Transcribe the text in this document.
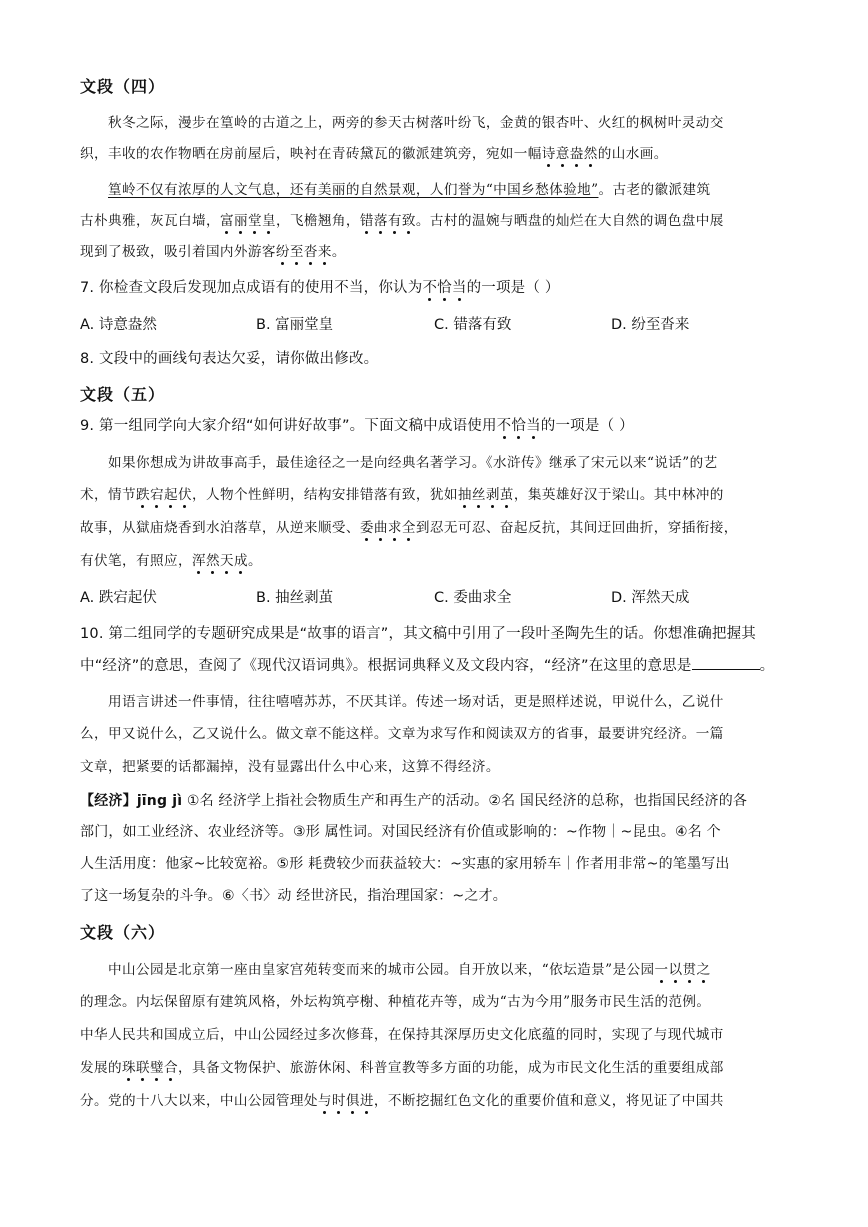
文段（四）
秋冬之际，漫步在篁岭的古道之上，两旁的参天古树落叶纷飞，金黄的银杏叶、火红的枫树叶灵动交
织，丰收的农作物晒在房前屋后，映衬在青砖黛瓦的徽派建筑旁，宛如一幅诗意盎然的山水画。
篁岭不仅有浓厚的人文气息，还有美丽的自然景观，人们誉为“中国乡愁体验地”。古老的徽派建筑
古朴典雅，灰瓦白墙，富丽堂皇，飞檐翘角，错落有致。古村的温婉与晒盘的灿烂在大自然的调色盘中展
现到了极致，吸引着国内外游客纷至沓来。
7. 你检查文段后发现加点成语有的使用不当，你认为不恰当的一项是（ ）
A. 诗意盎然	B. 富丽堂皇	C. 错落有致	D. 纷至沓来
8. 文段中的画线句表达欠妥，请你做出修改。
文段（五）
9. 第一组同学向大家介绍“如何讲好故事”。下面文稿中成语使用不恰当的一项是（ ）
如果你想成为讲故事高手，最佳途径之一是向经典名著学习。《水浒传》继承了宋元以来“说话”的艺
术，情节跌宕起伏，人物个性鲜明，结构安排错落有致，犹如抽丝剥茧，集英雄好汉于梁山。其中林冲的
故事，从獄庙烧香到水泊落草，从逆来顺受、委曲求全到忍无可忍、奋起反抗，其间迂回曲折，穿插衔接，
有伏笔，有照应，浑然天成。
A. 跌宕起伏	B. 抽丝剥茧	C. 委曲求全	D. 浑然天成
10. 第二组同学的专题研究成果是“故事的语言”，其文稿中引用了一段叶圣陶先生的话。你想准确把握其
中“经济”的意思，查阅了《现代汉语词典》。根据词典释义及文段内容，“经济”在这里的意思是	。
用语言讲述一件事情，往往嘻嘻苏苏，不厌其详。传述一场对话，更是照样述说，甲说什么，乙说什
么，甲又说什么，乙又说什么。做文章不能这样。文章为求写作和阅读双方的省事，最要讲究经济。一篇
文章，把紧要的话都漏掉，没有显露出什么中心来，这算不得经济。
【经济】jīng jì ①名 经济学上指社会物质生产和再生产的活动。②名 国民经济的总称，也指国民经济的各
部门，如工业经济、农业经济等。③形 属性词。对国民经济有价值或影响的：~作物｜~昆虫。④名 个
人生活用度：他家~比较宽裕。⑤形 耗费较少而获益较大：~实惠的家用轿车｜作者用非常~的笔墨写出
了这一场复杂的斗争。⑥〈书〉动 经世济民，指治理国家：~之才。
文段（六）
中山公园是北京第一座由皇家宫苑转变而来的城市公园。自开放以来，“依坛造景”是公园一以贯之
的理念。内坛保留原有建筑风格，外坛构筑亭榭、种植花卉等，成为“古为今用”服务市民生活的范例。
中华人民共和国成立后，中山公园经过多次修葺，在保持其深厚历史文化底蕴的同时，实现了与现代城市
发展的珠联璧合，具备文物保护、旅游休闲、科普宣教等多方面的功能，成为市民文化生活的重要组成部
分。党的十八大以来，中山公园管理处与时俱进，不断挖掘红色文化的重要价值和意义，将见证了中国共
